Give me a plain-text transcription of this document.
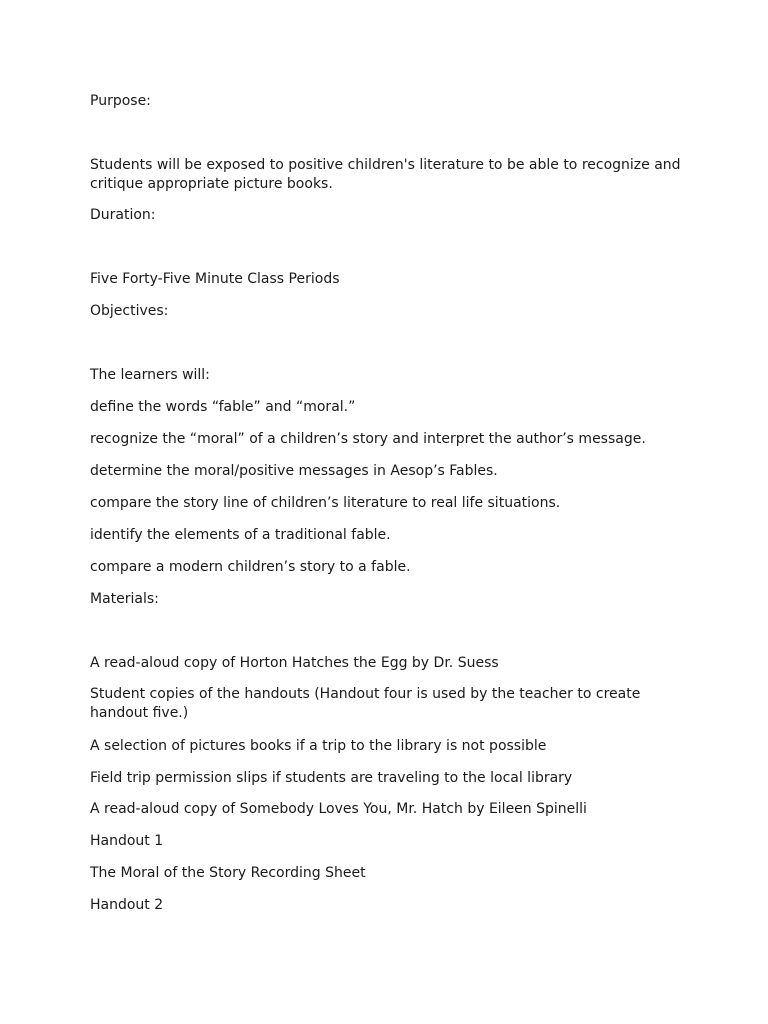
Purpose:

Students will be exposed to positive children's literature to be able to recognize and critique appropriate picture books.

Duration:

Five Forty-Five Minute Class Periods

Objectives:

The learners will:

define the words “fable” and “moral.”

recognize the “moral” of a children’s story and interpret the author’s message.

determine the moral/positive messages in Aesop’s Fables.

compare the story line of children’s literature to real life situations.

identify the elements of a traditional fable.

compare a modern children’s story to a fable.

Materials:

A read-aloud copy of Horton Hatches the Egg by Dr. Suess

Student copies of the handouts (Handout four is used by the teacher to create handout five.)

A selection of pictures books if a trip to the library is not possible

Field trip permission slips if students are traveling to the local library

A read-aloud copy of Somebody Loves You, Mr. Hatch by Eileen Spinelli

Handout 1

The Moral of the Story Recording Sheet

Handout 2
